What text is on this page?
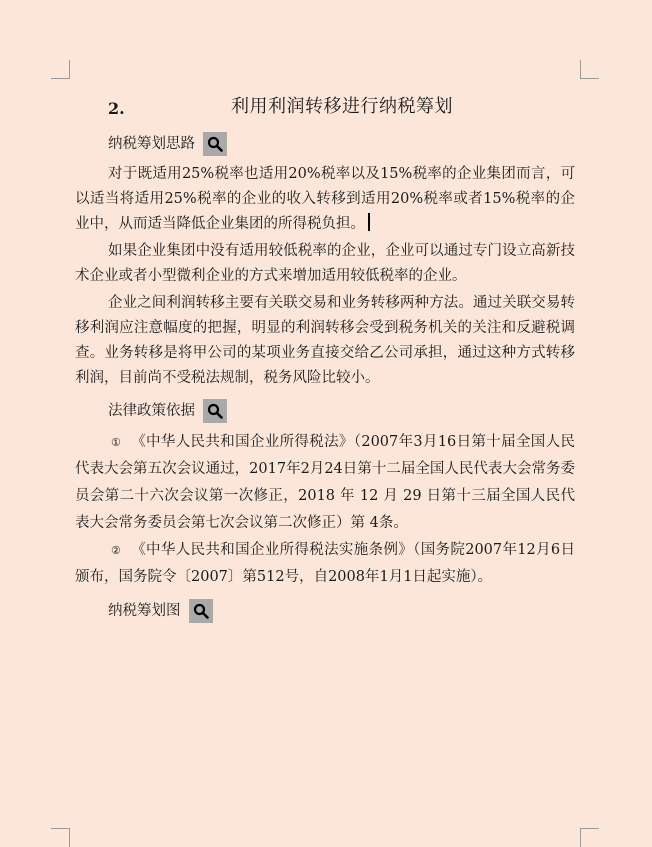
2.	利用利润转移进行纳税筹划
纳税筹划思路

对于既适用25%税率也适用20%税率以及15%税率的企业集团而言，可以适当将适用25%税率的企业的收入转移到适用20%税率或者15%税率的企业中，从而适当降低企业集团的所得税负担。

如果企业集团中没有适用较低税率的企业，企业可以通过专门设立高新技术企业或者小型微利企业的方式来增加适用较低税率的企业。

企业之间利润转移主要有关联交易和业务转移两种方法。通过关联交易转移利润应注意幅度的把握，明显的利润转移会受到税务机关的关注和反避税调查。业务转移是将甲公司的某项业务直接交给乙公司承担，通过这种方式转移利润，目前尚不受税法规制，税务风险比较小。

法律政策依据

① 《中华人民共和国企业所得税法》（2007年3月16日第十届全国人民代表大会第五次会议通过，2017年2月24日第十二届全国人民代表大会常务委员会第二十六次会议第一次修正，2018 年 12 月 29 日第十三届全国人民代表大会常务委员会第七次会议第二次修正）第 4条。

② 《中华人民共和国企业所得税法实施条例》（国务院2007年12月6日颁布，国务院令〔2007〕第512号，自2008年1月1日起实施）。

纳税筹划图
